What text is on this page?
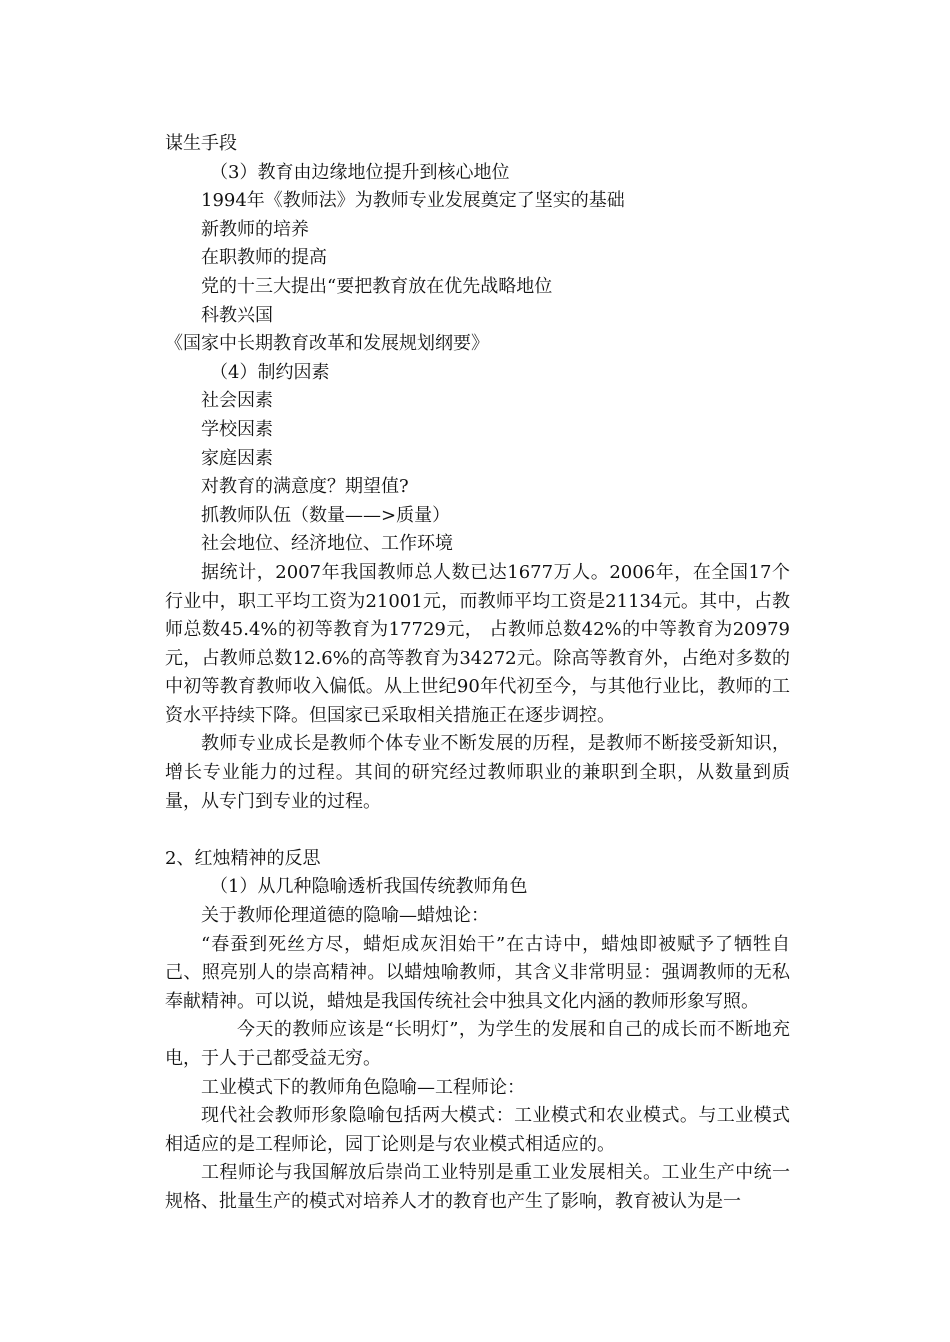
谋生手段
（3）教育由边缘地位提升到核心地位
1994年《教师法》为教师专业发展奠定了坚实的基础
新教师的培养
在职教师的提高
党的十三大提出“要把教育放在优先战略地位
科教兴国
《国家中长期教育改革和发展规划纲要》
（4）制约因素
社会因素
学校因素
家庭因素
对教育的满意度？期望值?
抓教师队伍（数量——>质量）
社会地位、经济地位、工作环境

据统计，2007年我国教师总人数已达1677万人。2006年，在全国17个行业中，职工平均工资为21001元，而教师平均工资是21134元。其中，占教师总数45.4%的初等教育为17729元， 占教师总数42%的中等教育为20979元，占教师总数12.6%的高等教育为34272元。除高等教育外，占绝对多数的中初等教育教师收入偏低。从上世纪90年代初至今，与其他行业比，教师的工资水平持续下降。但国家已采取相关措施正在逐步调控。

教师专业成长是教师个体专业不断发展的历程，是教师不断接受新知识，增长专业能力的过程。其间的研究经过教师职业的兼职到全职，从数量到质量，从专门到专业的过程。

2、红烛精神的反思
（1）从几种隐喻透析我国传统教师角色
关于教师伦理道德的隐喻—蜡烛论：

“春蚕到死丝方尽，蜡炬成灰泪始干”在古诗中，蜡烛即被赋予了牺牲自己、照亮别人的崇高精神。以蜡烛喻教师，其含义非常明显：强调教师的无私奉献精神。可以说，蜡烛是我国传统社会中独具文化内涵的教师形象写照。

今天的教师应该是“长明灯”，为学生的发展和自己的成长而不断地充电，于人于己都受益无穷。

工业模式下的教师角色隐喻—工程师论：

现代社会教师形象隐喻包括两大模式：工业模式和农业模式。与工业模式相适应的是工程师论，园丁论则是与农业模式相适应的。

工程师论与我国解放后崇尚工业特别是重工业发展相关。工业生产中统一规格、批量生产的模式对培养人才的教育也产生了影响，教育被认为是一
